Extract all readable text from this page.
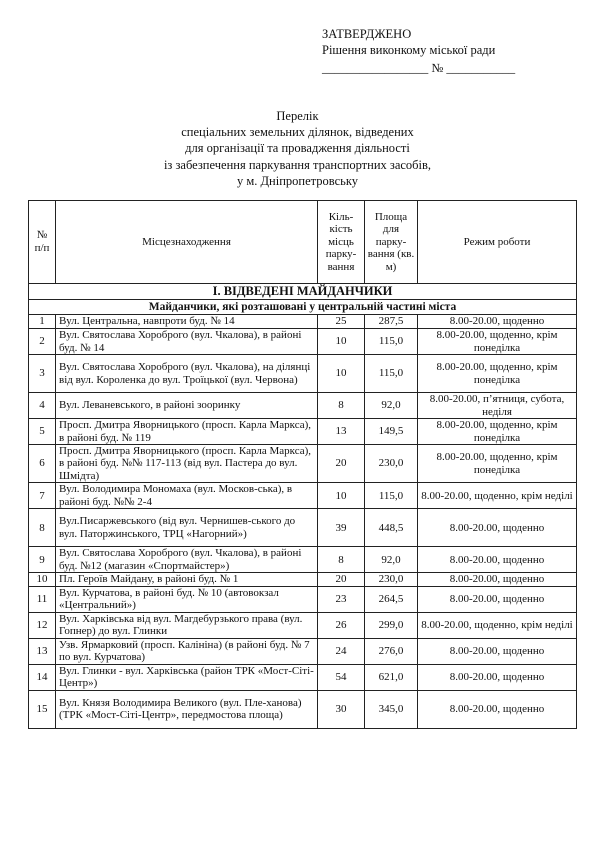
ЗАТВЕРДЖЕНО
Рішення виконкому міської ради
_________________ № ___________
Перелік
спеціальних земельних ділянок, відведених
для організації та провадження діяльності
із забезпечення паркування транспортних засобів,
у м. Дніпропетровську
№ п/п	Місцезнаходження	Кіль-кість місць парку-вання	Площа для парку-вання (кв. м)	Режим роботи
І. ВІДВЕДЕНІ МАЙДАНЧИКИ				
Майданчики, які розташовані у центральній частині міста				
1	Вул. Центральна, навпроти буд. № 14	25	287,5	8.00-20.00, щоденно
2	Вул. Святослава Хороброго (вул. Чкалова), в районі буд. № 14	10	115,0	8.00-20.00, щоденно, крім понеділка
3	Вул. Святослава Хороброго (вул. Чкалова), на ділянці від вул. Короленка до вул. Троїцької (вул. Червона)	10	115,0	8.00-20.00, щоденно, крім понеділка
4	Вул. Леваневського, в районі зооринку	8	92,0	8.00-20.00, п’ятниця, субота, неділя
5	Просп. Дмитра Яворницького (просп. Карла Маркса), в районі буд. № 119	13	149,5	8.00-20.00, щоденно, крім понеділка
6	Просп. Дмитра Яворницького (просп. Карла Маркса), в районі буд. №№ 117-113 (від вул. Пастера до вул. Шмідта)	20	230,0	8.00-20.00, щоденно, крім понеділка
7	Вул. Володимира Мономаха (вул. Москов-ська), в районі буд. №№ 2-4	10	115,0	8.00-20.00, щоденно, крім неділі
8	Вул.Писаржевського (від вул. Чернишев-ського до вул. Паторжинського, ТРЦ «Нагорний»)	39	448,5	8.00-20.00, щоденно
9	Вул. Святослава Хороброго (вул. Чкалова), в районі буд. №12 (магазин «Спортмайстер»)	8	92,0	8.00-20.00, щоденно
10	Пл. Героїв Майдану, в районі буд. № 1	20	230,0	8.00-20.00, щоденно
11	Вул. Курчатова, в районі буд. № 10 (автовокзал «Центральний»)	23	264,5	8.00-20.00, щоденно
12	Вул. Харківська від вул. Магдебурзького права (вул. Гопнер) до вул. Глинки	26	299,0	8.00-20.00, щоденно, крім неділі
13	Узв. Ярмарковий (просп. Калініна) (в районі буд. № 7 по вул. Курчатова)	24	276,0	8.00-20.00, щоденно
14	Вул. Глинки - вул. Харківська (район ТРК «Мост-Сіті-Центр»)	54	621,0	8.00-20.00, щоденно
15	Вул. Князя Володимира Великого (вул. Пле-ханова) (ТРК «Мост-Сіті-Центр», передмостова площа)	30	345,0	8.00-20.00, щоденно
